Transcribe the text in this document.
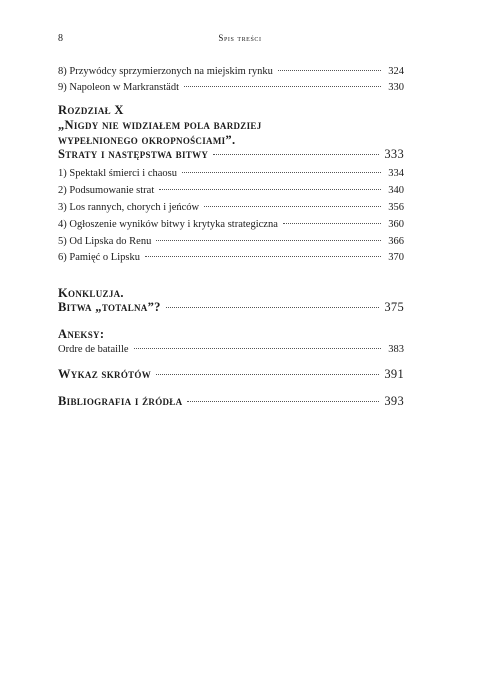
8	Spis treści
8) Przywódcy sprzymierzonych na miejskim rynku	324
9) Napoleon w Markranstädt	330
Rozdział X
„Nigdy nie widziałem pola bardziej
wypełnionego okropnościami”.
Straty i następstwa bitwy	333
1) Spektakl śmierci i chaosu	334
2) Podsumowanie strat	340
3) Los rannych, chorych i jeńców	356
4) Ogłoszenie wyników bitwy i krytyka strategiczna	360
5) Od Lipska do Renu	366
6) Pamięć o Lipsku	370
Konkluzja.
Bitwa „totalna”?	375
Aneksy:
Ordre de bataille	383
Wykaz skrótów	391
Bibliografia i źródła	393
